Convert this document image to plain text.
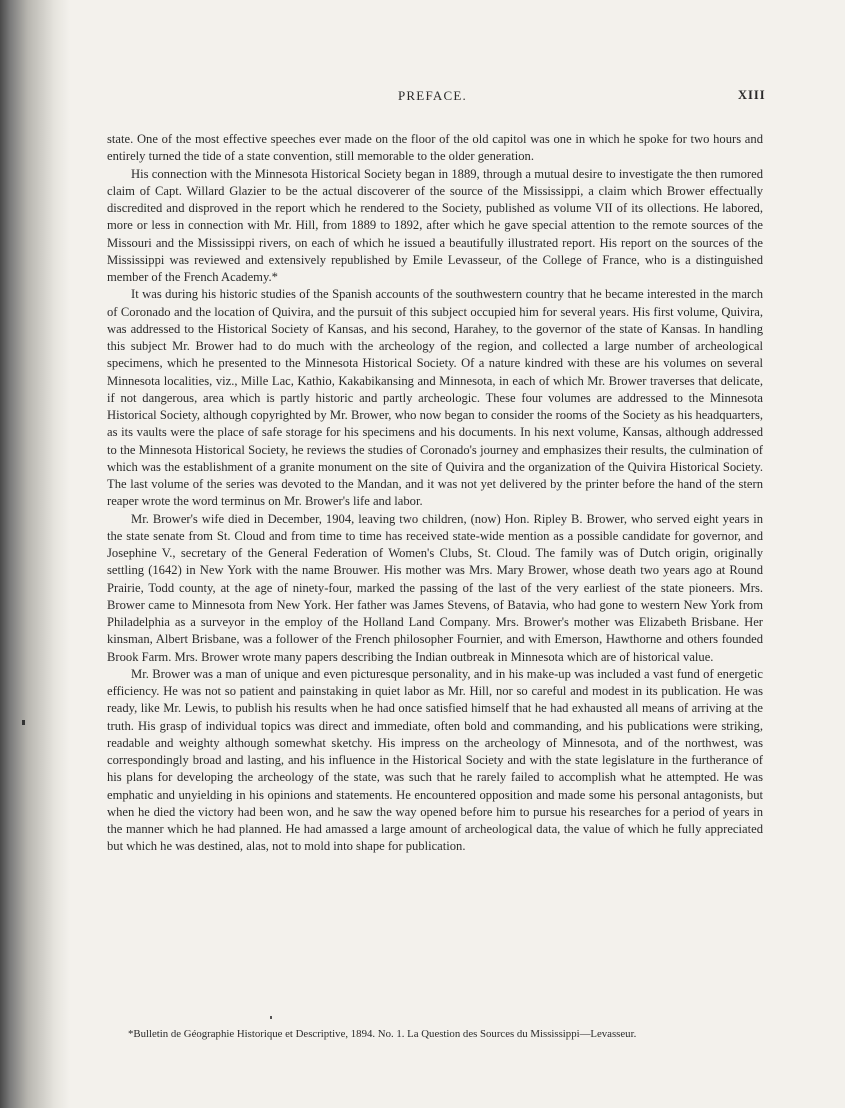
PREFACE.	XIII

state. One of the most effective speeches ever made on the floor of the old capitol was one in which he spoke for two hours and entirely turned the tide of a state convention, still memorable to the older generation.

His connection with the Minnesota Historical Society began in 1889, through a mutual desire to investigate the then rumored claim of Capt. Willard Glazier to be the actual discoverer of the source of the Mississippi, a claim which Brower effectually discredited and disproved in the report which he rendered to the Society, published as volume VII of its ollections. He labored, more or less in connection with Mr. Hill, from 1889 to 1892, after which he gave special attention to the remote sources of the Missouri and the Mississippi rivers, on each of which he issued a beautifully illustrated report. His report on the sources of the Mississippi was reviewed and extensively republished by Emile Levasseur, of the College of France, who is a distinguished member of the French Academy.*

It was during his historic studies of the Spanish accounts of the southwestern country that he became interested in the march of Coronado and the location of Quivira, and the pursuit of this subject occupied him for several years. His first volume, Quivira, was addressed to the Historical Society of Kansas, and his second, Harahey, to the governor of the state of Kansas. In handling this subject Mr. Brower had to do much with the archeology of the region, and collected a large number of archeological specimens, which he presented to the Minnesota Historical Society. Of a nature kindred with these are his volumes on several Minnesota localities, viz., Mille Lac, Kathio, Kakabikansing and Minnesota, in each of which Mr. Brower traverses that delicate, if not dangerous, area which is partly historic and partly archeologic. These four volumes are addressed to the Minnesota Historical Society, although copyrighted by Mr. Brower, who now began to consider the rooms of the Society as his headquarters, as its vaults were the place of safe storage for his specimens and his documents. In his next volume, Kansas, although addressed to the Minnesota Historical Society, he reviews the studies of Coronado's journey and emphasizes their results, the culmination of which was the establishment of a granite monument on the site of Quivira and the organization of the Quivira Historical Society. The last volume of the series was devoted to the Mandan, and it was not yet delivered by the printer before the hand of the stern reaper wrote the word terminus on Mr. Brower's life and labor.

Mr. Brower's wife died in December, 1904, leaving two children, (now) Hon. Ripley B. Brower, who served eight years in the state senate from St. Cloud and from time to time has received state-wide mention as a possible candidate for governor, and Josephine V., secretary of the General Federation of Women's Clubs, St. Cloud. The family was of Dutch origin, originally settling (1642) in New York with the name Brouwer. His mother was Mrs. Mary Brower, whose death two years ago at Round Prairie, Todd county, at the age of ninety-four, marked the passing of the last of the very earliest of the state pioneers. Mrs. Brower came to Minnesota from New York. Her father was James Stevens, of Batavia, who had gone to western New York from Philadelphia as a surveyor in the employ of the Holland Land Company. Mrs. Brower's mother was Elizabeth Brisbane. Her kinsman, Albert Brisbane, was a follower of the French philosopher Fournier, and with Emerson, Hawthorne and others founded Brook Farm. Mrs. Brower wrote many papers describing the Indian outbreak in Minnesota which are of historical value.

Mr. Brower was a man of unique and even picturesque personality, and in his make-up was included a vast fund of energetic efficiency. He was not so patient and painstaking in quiet labor as Mr. Hill, nor so careful and modest in its publication. He was ready, like Mr. Lewis, to publish his results when he had once satisfied himself that he had exhausted all means of arriving at the truth. His grasp of individual topics was direct and immediate, often bold and commanding, and his publications were striking, readable and weighty although somewhat sketchy. His impress on the archeology of Minnesota, and of the northwest, was correspondingly broad and lasting, and his influence in the Historical Society and with the state legislature in the furtherance of his plans for developing the archeology of the state, was such that he rarely failed to accomplish what he attempted. He was emphatic and unyielding in his opinions and statements. He encountered opposition and made some his personal antagonists, but when he died the victory had been won, and he saw the way opened before him to pursue his researches for a period of years in the manner which he had planned. He had amassed a large amount of archeological data, the value of which he fully appreciated but which he was destined, alas, not to mold into shape for publication.

*Bulletin de Géographie Historique et Descriptive, 1894. No. 1. La Question des Sources du Mississippi—Levasseur.
